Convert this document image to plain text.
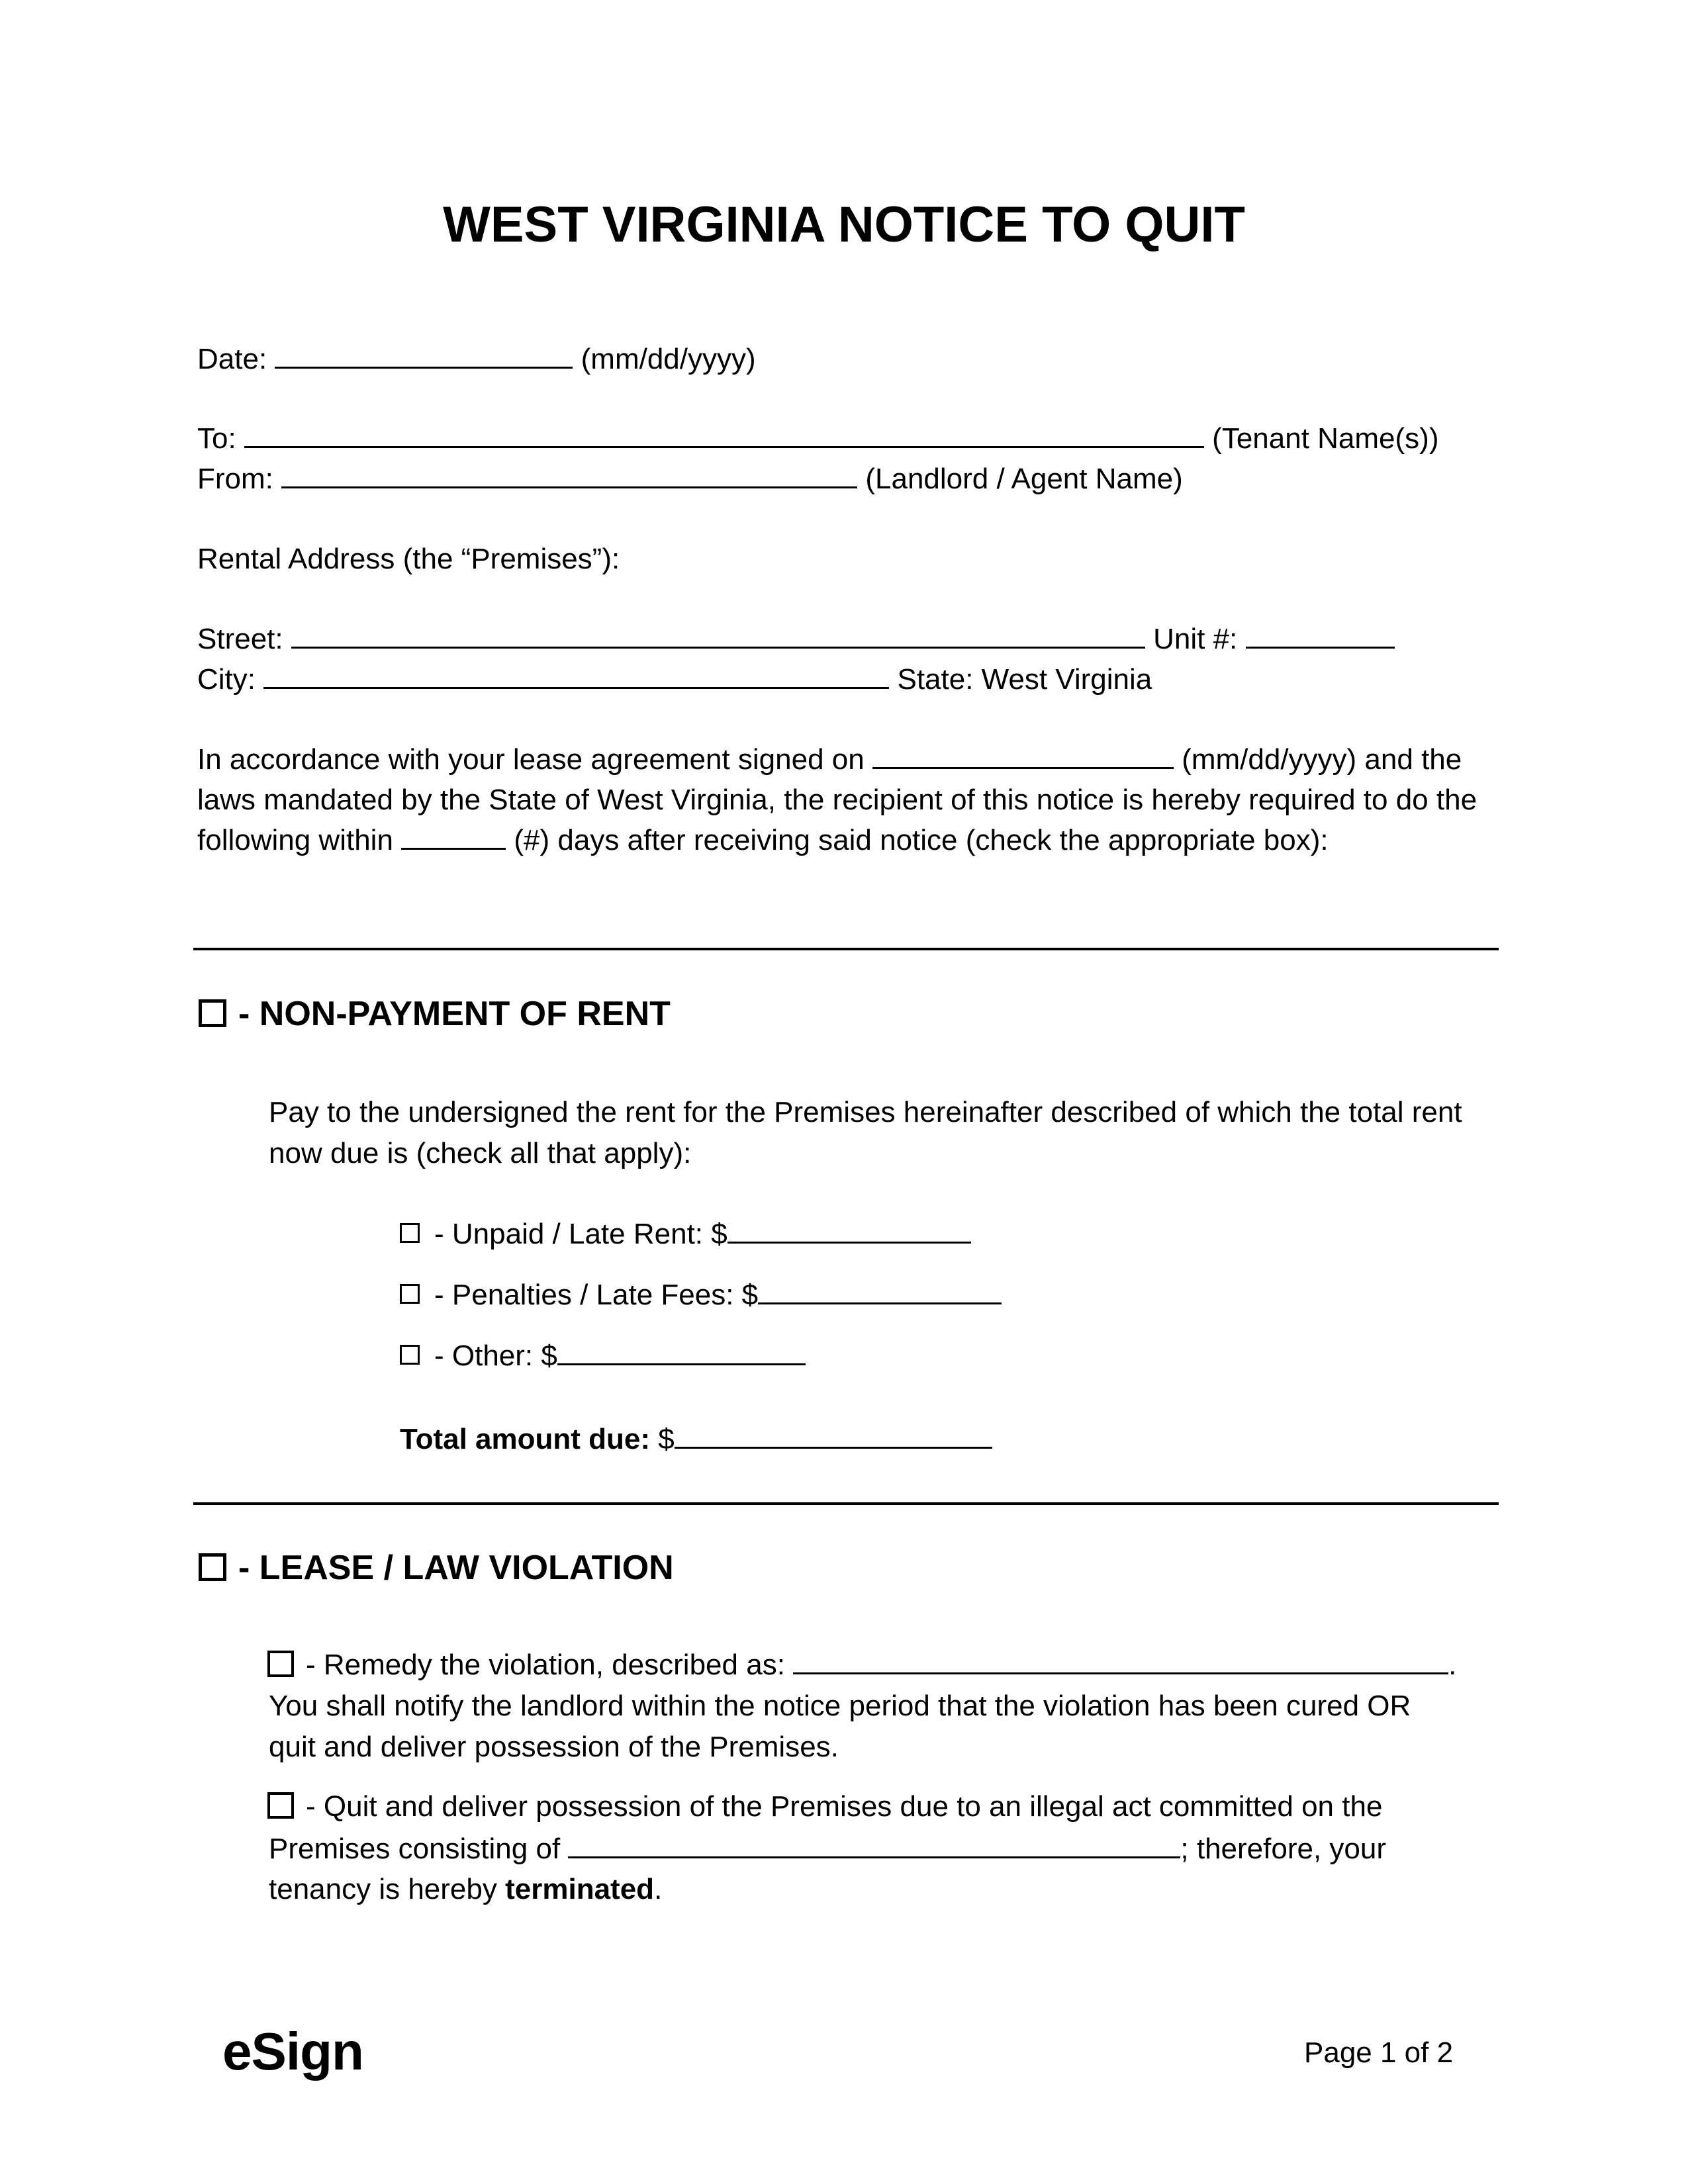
WEST VIRGINIA NOTICE TO QUIT
Date:	(mm/dd/yyyy)
To:	(Tenant Name(s))
From:	(Landlord / Agent Name)
Rental Address (the “Premises”):
Street:	Unit #:
City:	State: West Virginia
In accordance with your lease agreement signed on	(mm/dd/yyyy) and the laws mandated by the State of West Virginia, the recipient of this notice is hereby required to do the following within	(#) days after receiving said notice (check the appropriate box):
- NON-PAYMENT OF RENT
Pay to the undersigned the rent for the Premises hereinafter described of which the total rent now due is (check all that apply):
- Unpaid / Late Rent: $
- Penalties / Late Fees: $
- Other: $
Total amount due: $
- LEASE / LAW VIOLATION
- Remedy the violation, described as:	.
You shall notify the landlord within the notice period that the violation has been cured OR
quit and deliver possession of the Premises.
- Quit and deliver possession of the Premises due to an illegal act committed on the
Premises consisting of	; therefore, your
tenancy is hereby terminated.
eSign	Page 1 of 2
